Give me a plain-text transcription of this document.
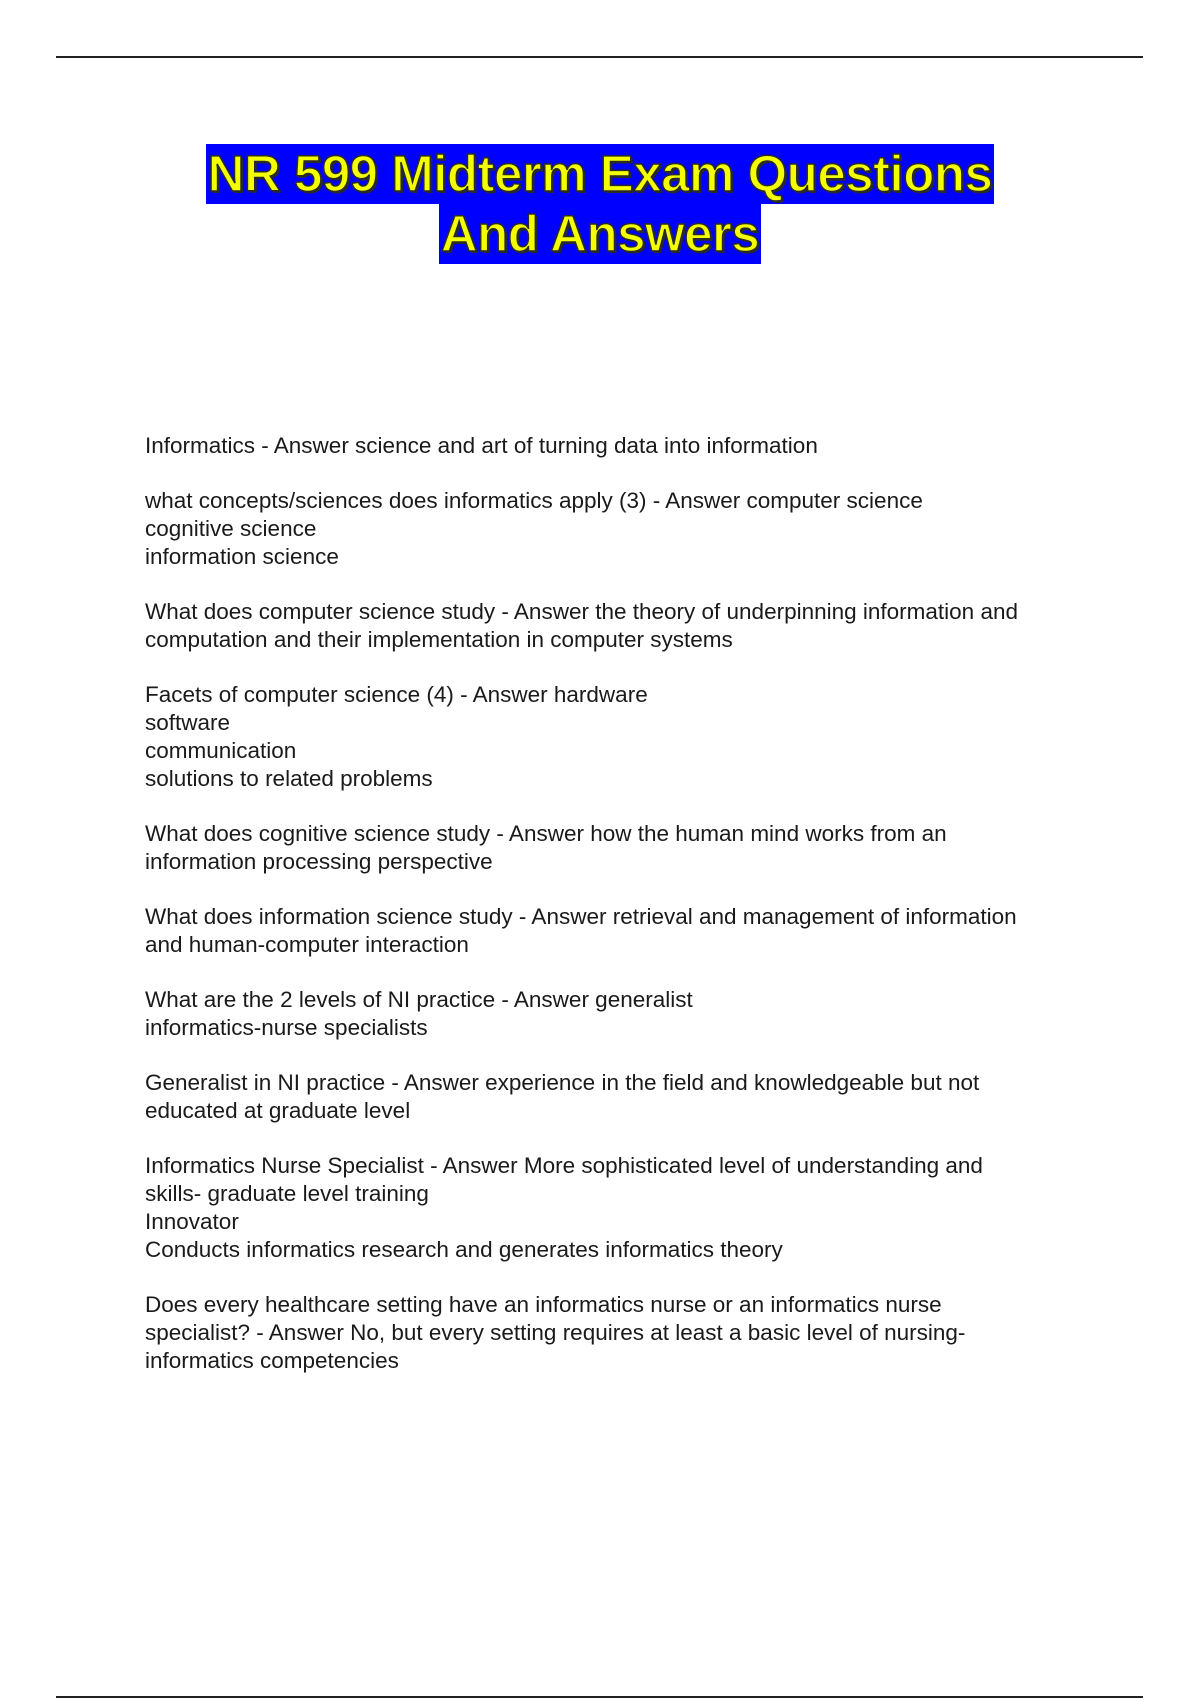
NR 599 Midterm Exam Questions
And Answers
Informatics - Answer science and art of turning data into information
what concepts/sciences does informatics apply (3) - Answer computer science
cognitive science
information science
What does computer science study - Answer the theory of underpinning information and
computation and their implementation in computer systems
Facets of computer science (4) - Answer hardware
software
communication
solutions to related problems
What does cognitive science study - Answer how the human mind works from an
information processing perspective
What does information science study - Answer retrieval and management of information
and human-computer interaction
What are the 2 levels of NI practice - Answer generalist
informatics-nurse specialists
Generalist in NI practice - Answer experience in the field and knowledgeable but not
educated at graduate level
Informatics Nurse Specialist - Answer More sophisticated level of understanding and
skills- graduate level training
Innovator
Conducts informatics research and generates informatics theory
Does every healthcare setting have an informatics nurse or an informatics nurse
specialist? - Answer No, but every setting requires at least a basic level of nursing-
informatics competencies
